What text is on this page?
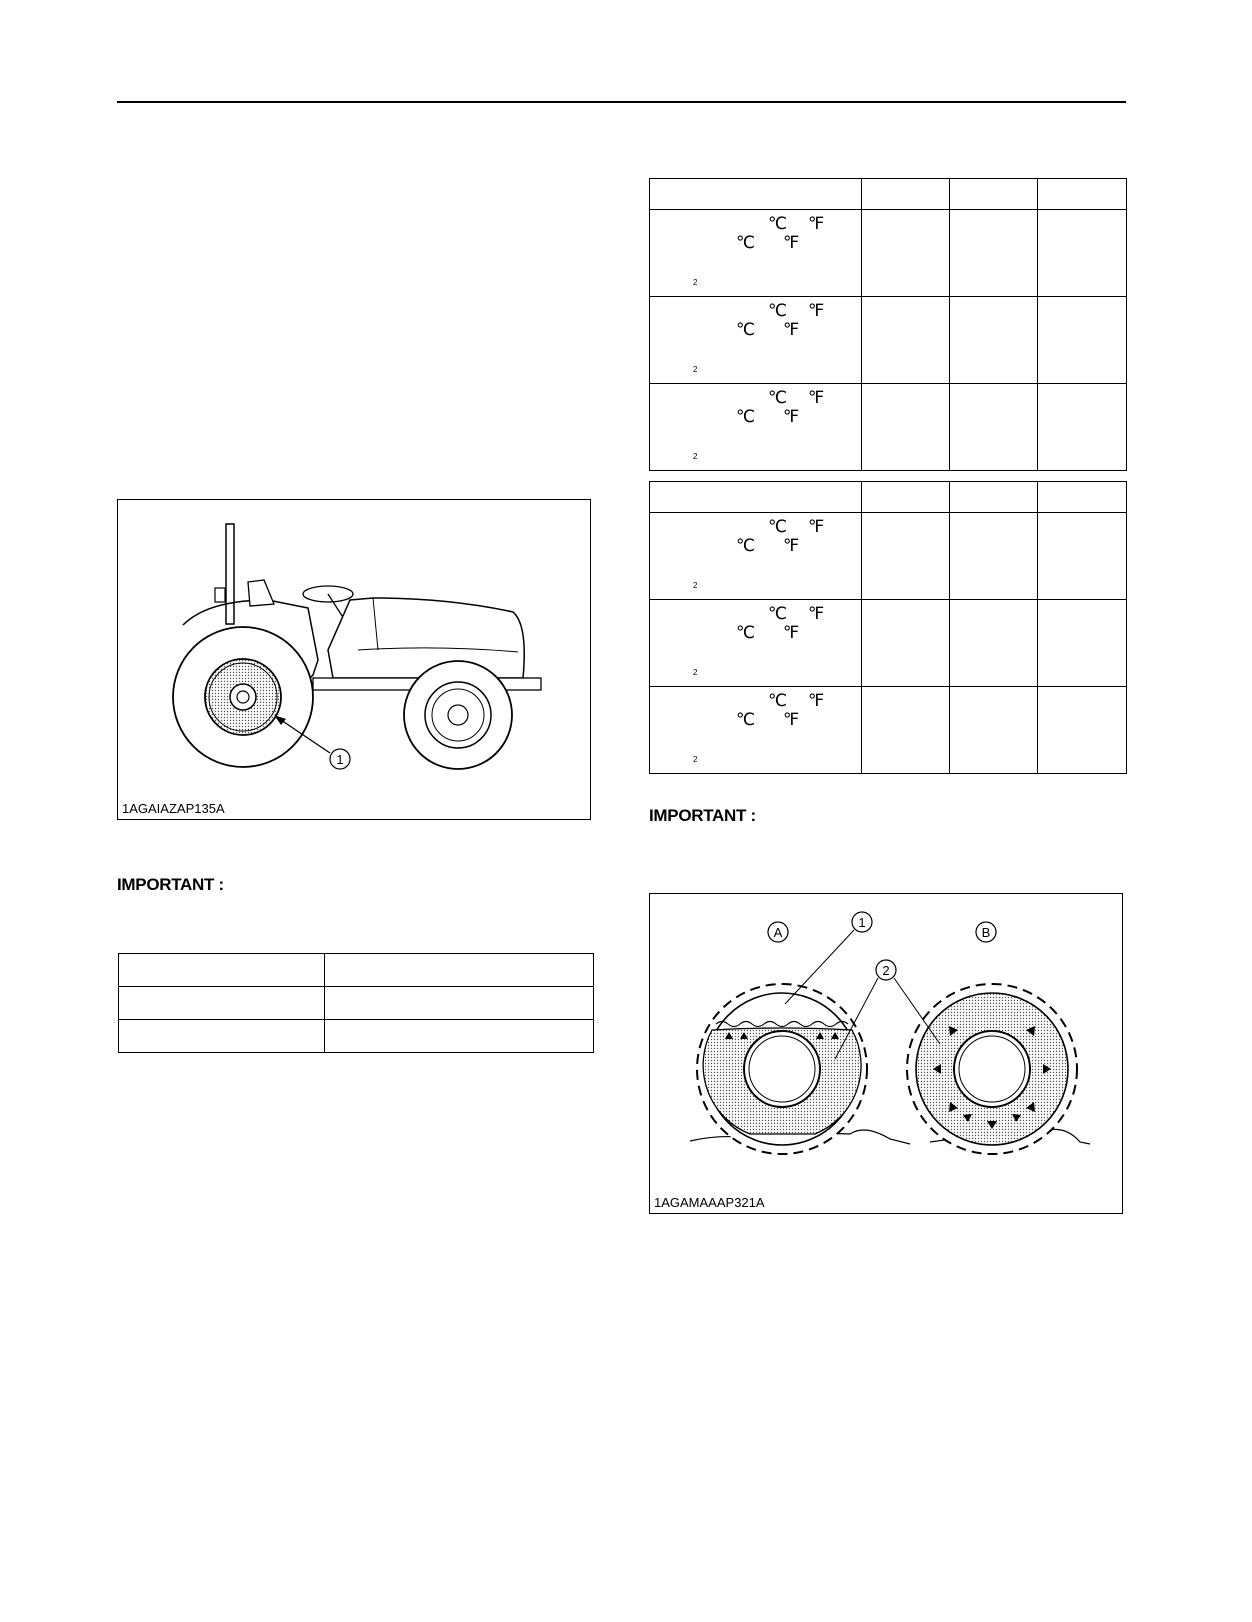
1
1AGAIAZAP135A
IMPORTANT :

℃ ℉
℃ ℉
2			

℃ ℉
℃ ℉
2			

℃ ℉
℃ ℉
2			

℃ ℉
℃ ℉
2			

℃ ℉
℃ ℉
2			

℃ ℉
℃ ℉
2			

IMPORTANT :
A	B
1
2
1AGAMAAAP321A
